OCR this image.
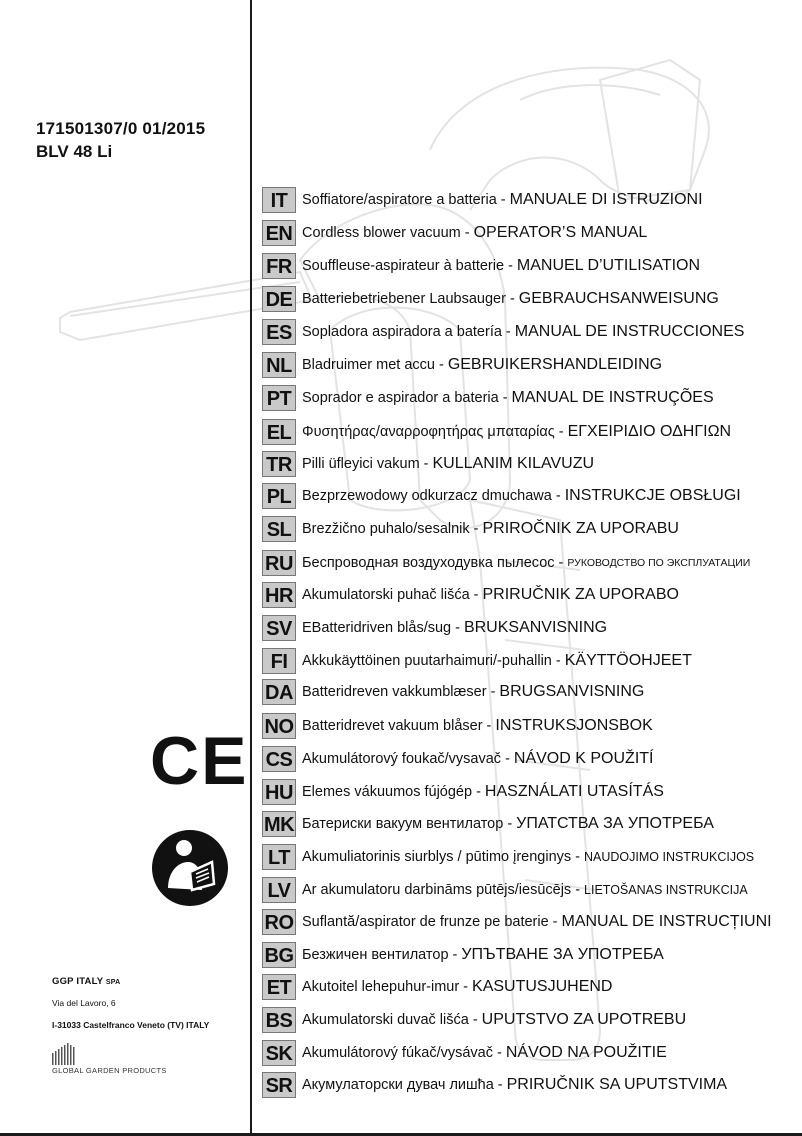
171501307/0 01/2015
BLV 48 Li
IT	Soffiatore/aspiratore a batteria - MANUALE DI ISTRUZIONI
EN Cordless blower vacuum - OPERATOR’S MANUAL
FR Souffleuse-aspirateur à batterie - MANUEL D’UTILISATION
DE Batteriebetriebener Laubsauger - GEBRAUCHSANWEISUNG
ES Sopladora aspiradora a batería - MANUAL DE INSTRUCCIONES
NL Bladruimer met accu - GEBRUIKERSHANDLEIDING
PT Soprador e aspirador a bateria - MANUAL DE INSTRUÇÕES
EL Φυσητήρας/αναρροφητήρας μπαταρίας - ΕΓΧΕΙΡΙΔΙΟ ΟΔΗΓΙΩΝ
TR Pilli üfleyici vakum - KULLANIM KILAVUZU
PL Bezprzewodowy odkurzacz dmuchawa - INSTRUKCJE OBSŁUGI
SL Brezžično puhalo/sesalnik - PRIROČNIK ZA UPORABU
RU Беспроводная воздуходувка пылесос - РУКОВОДСТВО ПО ЭКСПЛУАТАЦИИ
HR Akumulatorski puhač lišća - PRIRUČNIK ZA UPORABO
SV EBatteridriven blås/sug - BRUKSANVISNING
FI	Akkukäyttöinen puutarhaimuri/-puhallin - KÄYTTÖOHJEET
DA Batteridreven vakkumblæser - BRUGSANVISNING
NO Batteridrevet vakuum blåser - INSTRUKSJONSBOK
CS Akumulátorový foukač/vysavač - NÁVOD K POUŽITÍ
HU Elemes vákuumos fújógép - HASZNÁLATI UTASÍTÁS
MK Батериски вакуум вентилатор - УПАТСТВА ЗА УПОТРЕБА
LT Akumuliatorinis siurblys / pūtimo įrenginys - NAUDOJIMO INSTRUKCIJOS
LV Ar akumulatoru darbināms pūtējs/iesūcējs - LIETOŠANAS INSTRUKCIJA
RO Suflantă/aspirator de frunze pe baterie - MANUAL DE INSTRUCȚIUNI
BG Безжичен вентилатор - УПЪТВАНЕ ЗА УПОТРЕБА
ET Akutoitel lehepuhur-imur - KASUTUSJUHEND
BS Akumulatorski duvač lišća - UPUTSTVO ZA UPOTREBU
SK Akumulátorový fúkač/vysávač - NÁVOD NA POUŽITIE
SR Акумулаторски дувач лишћа - PRIRUČNIK SA UPUTSTVIMA
CE
GGP ITALY SPA
Via del Lavoro, 6
I-31033 Castelfranco Veneto (TV) ITALY
GLOBAL GARDEN PRODUCTS
